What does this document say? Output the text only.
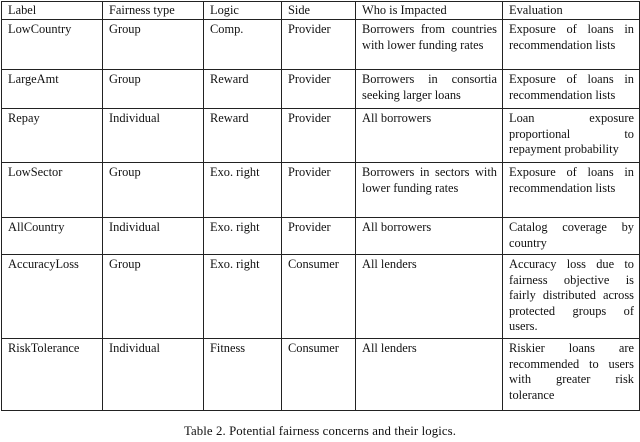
Label	Fairness type	Logic	Side	Who is Impacted	Evaluation
LowCountry	Group	Comp.	Provider	Borrowers from countries with lower funding rates	Exposure of loans in recommendation lists
LargeAmt	Group	Reward	Provider	Borrowers in consortia seeking larger loans	Exposure of loans in recommendation lists
Repay	Individual	Reward	Provider	All borrowers	Loan exposure proportional to repayment probability
LowSector	Group	Exo. right	Provider	Borrowers in sectors with lower funding rates	Exposure of loans in recommendation lists
AllCountry	Individual	Exo. right	Provider	All borrowers	Catalog coverage by country
AccuracyLoss	Group	Exo. right	Consumer	All lenders	Accuracy loss due to fairness objective is fairly distributed across protected groups of users.
RiskTolerance	Individual	Fitness	Consumer	All lenders	Riskier loans are recommended to users with greater risk tolerance
Table 2. Potential fairness concerns and their logics.
